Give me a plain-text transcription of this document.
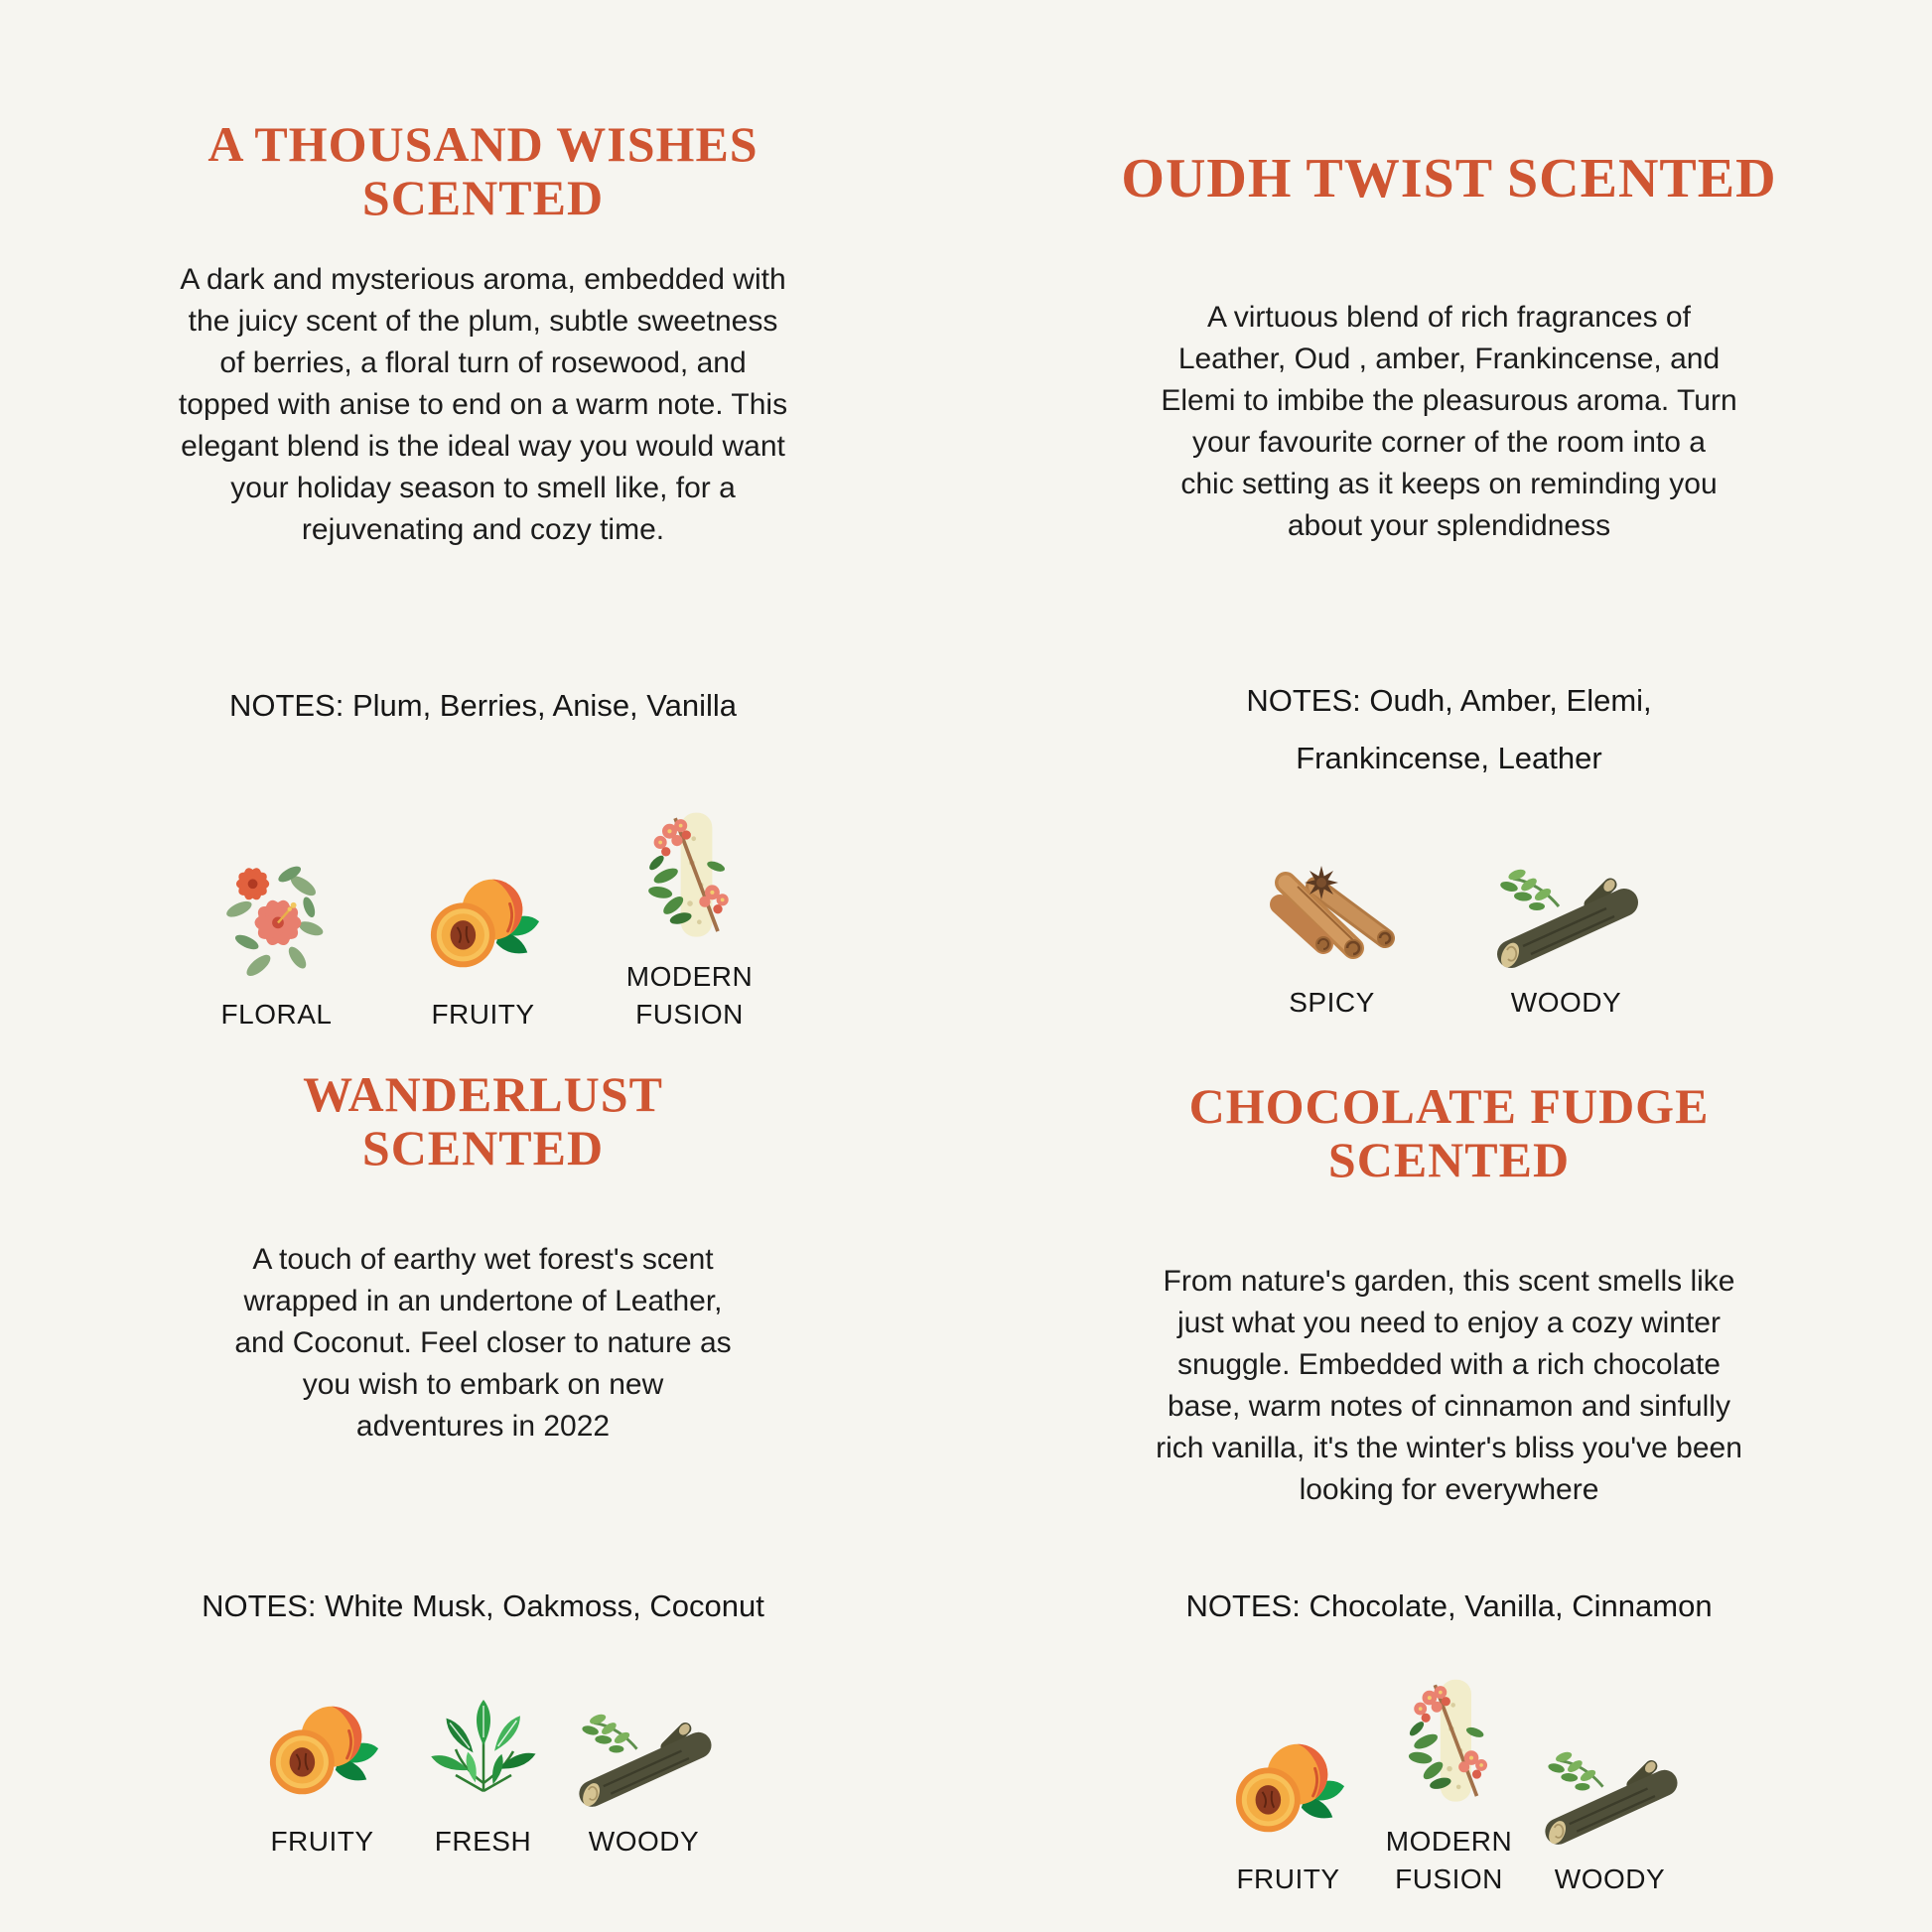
A THOUSAND WISHES
SCENTED
A dark and mysterious aroma, embedded with
the juicy scent of the plum, subtle sweetness
of berries, a floral turn of rosewood, and
topped with anise to end on a warm note. This
elegant blend is the ideal way you would want
your holiday season to smell like, for a
rejuvenating and cozy time.
NOTES: Plum, Berries, Anise, Vanilla
FLORAL	FRUITY
MODERN FUSION
OUDH TWIST SCENTED
A virtuous blend of rich fragrances of
Leather, Oud , amber, Frankincense, and
Elemi to imbibe the pleasurous aroma. Turn
your favourite corner of the room into a
chic setting as it keeps on reminding you
about your splendidness
NOTES: Oudh, Amber, Elemi,
Frankincense, Leather
SPICY	WOODY
WANDERLUST
SCENTED
A touch of earthy wet forest's scent
wrapped in an undertone of Leather,
and Coconut. Feel closer to nature as
you wish to embark on new
adventures in 2022
NOTES: White Musk, Oakmoss, Coconut
FRUITY FRESH WOODY
CHOCOLATE FUDGE
SCENTED
From nature's garden, this scent smells like
just what you need to enjoy a cozy winter
snuggle. Embedded with a rich chocolate
base, warm notes of cinnamon and sinfully
rich vanilla, it's the winter's bliss you've been
looking for everywhere
NOTES: Chocolate, Vanilla, Cinnamon
FRUITY
MODERN FUSION	WOODY
